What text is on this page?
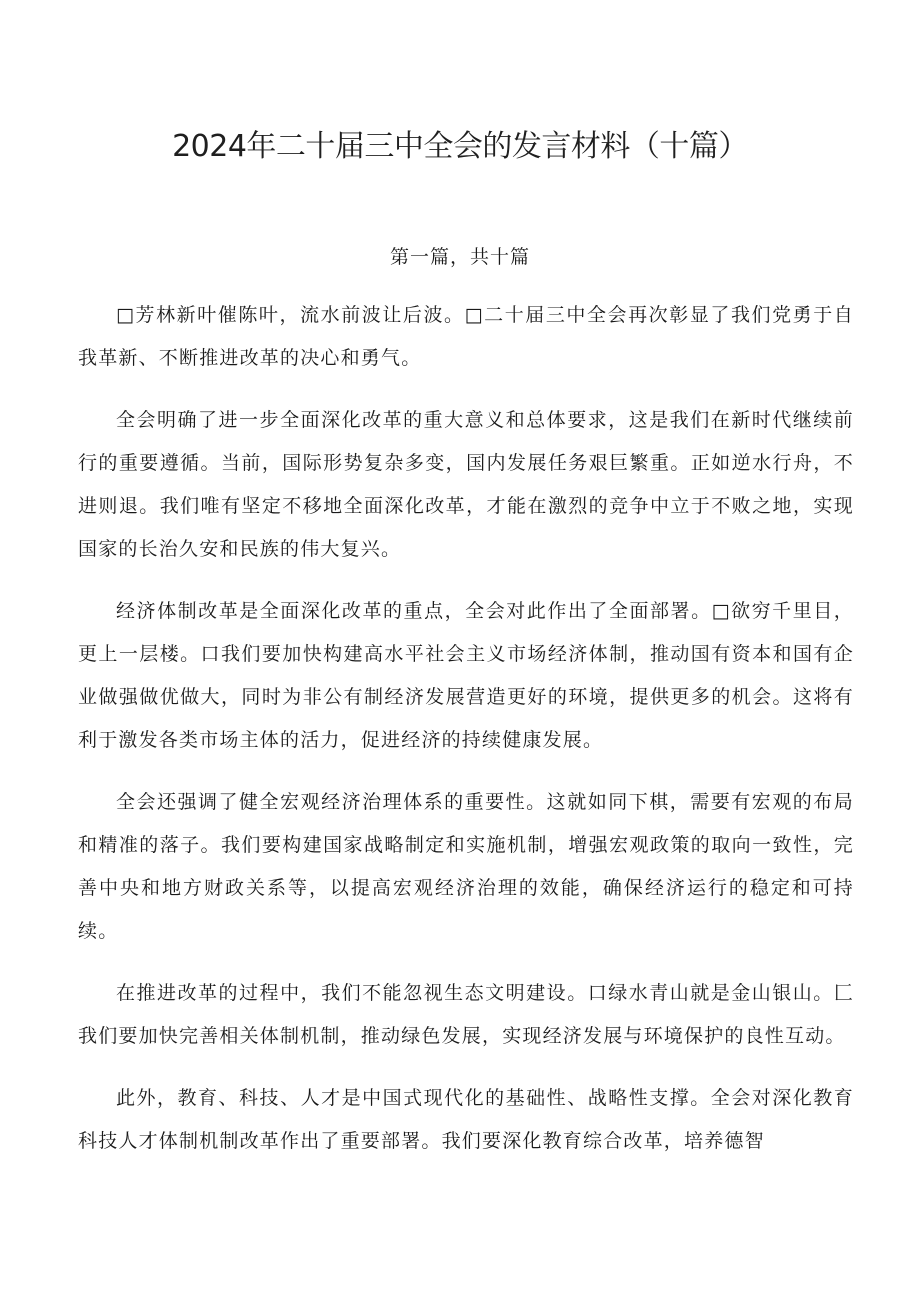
2024年二十届三中全会的发言材料（十篇）
第一篇，共十篇

□芳林新叶催陈叶，流水前波让后波。□二十届三中全会再次彰显了我们党勇于自我革新、不断推进改革的决心和勇气。

全会明确了进一步全面深化改革的重大意义和总体要求，这是我们在新时代继续前行的重要遵循。当前，国际形势复杂多变，国内发展任务艰巨繁重。正如逆水行舟，不进则退。我们唯有坚定不移地全面深化改革，才能在激烈的竞争中立于不败之地，实现国家的长治久安和民族的伟大复兴。

经济体制改革是全面深化改革的重点，全会对此作出了全面部署。□欲穷千里目，更上一层楼。口我们要加快构建高水平社会主义市场经济体制，推动国有资本和国有企业做强做优做大，同时为非公有制经济发展营造更好的环境，提供更多的机会。这将有利于激发各类市场主体的活力，促进经济的持续健康发展。

全会还强调了健全宏观经济治理体系的重要性。这就如同下棋，需要有宏观的布局和精准的落子。我们要构建国家战略制定和实施机制，增强宏观政策的取向一致性，完善中央和地方财政关系等，以提高宏观经济治理的效能，确保经济运行的稳定和可持续。

在推进改革的过程中，我们不能忽视生态文明建设。口绿水青山就是金山银山。匚我们要加快完善相关体制机制，推动绿色发展，实现经济发展与环境保护的良性互动。

此外，教育、科技、人才是中国式现代化的基础性、战略性支撑。全会对深化教育科技人才体制机制改革作出了重要部署。我们要深化教育综合改革，培养德智
